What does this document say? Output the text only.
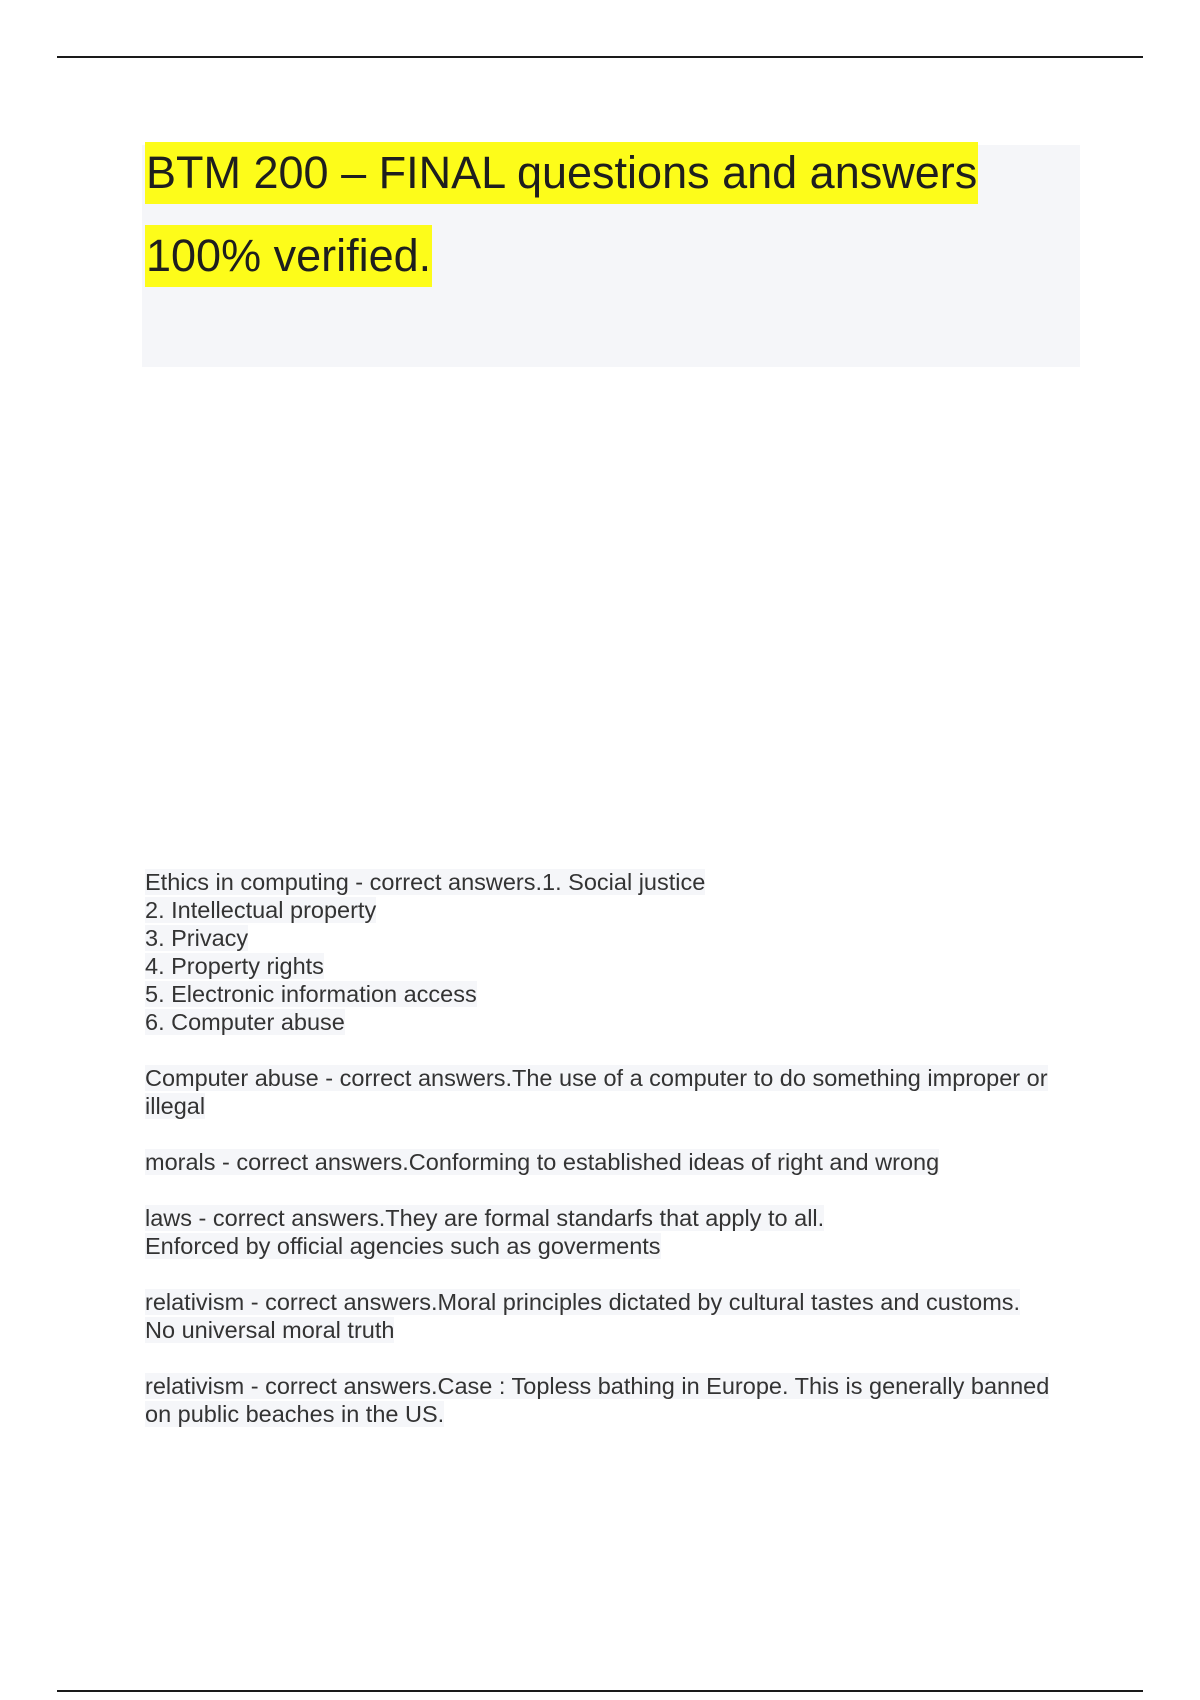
BTM 200 – FINAL questions and answers
100% verified.
Ethics in computing - correct answers.1. Social justice
2. Intellectual property
3. Privacy
4. Property rights
5. Electronic information access
6. Computer abuse
Computer abuse - correct answers.The use of a computer to do something improper or
illegal
morals - correct answers.Conforming to established ideas of right and wrong
laws - correct answers.They are formal standarfs that apply to all.
Enforced by official agencies such as goverments
relativism - correct answers.Moral principles dictated by cultural tastes and customs.
No universal moral truth
relativism - correct answers.Case : Topless bathing in Europe. This is generally banned
on public beaches in the US.
